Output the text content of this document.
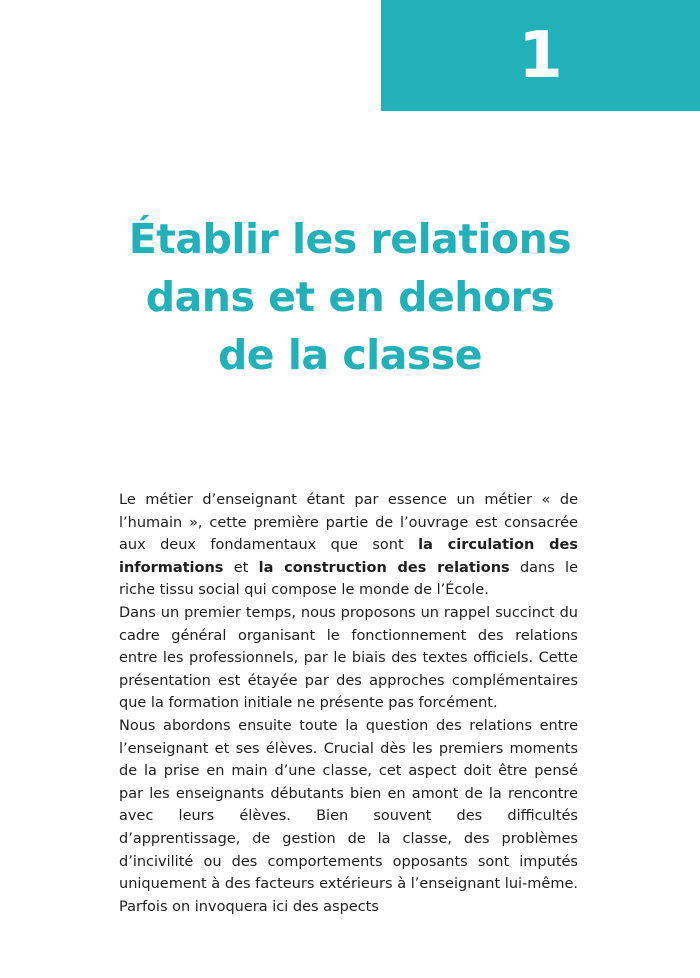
1
Établir les relations
dans et en dehors
de la classe

Le métier d’enseignant étant par essence un métier « de l’humain », cette première partie de l’ouvrage est consacrée aux deux fondamentaux que sont la circulation des informations et la construction des relations dans le riche tissu social qui compose le monde de l’École.

Dans un premier temps, nous proposons un rappel succinct du cadre général organisant le fonctionnement des relations entre les professionnels, par le biais des textes officiels. Cette présentation est étayée par des approches complémentaires que la formation initiale ne présente pas forcément.

Nous abordons ensuite toute la question des relations entre l’enseignant et ses élèves. Crucial dès les premiers moments de la prise en main d’une classe, cet aspect doit être pensé par les enseignants débutants bien en amont de la rencontre avec leurs élèves. Bien souvent des difficultés d’apprentissage, de gestion de la classe, des problèmes d’incivilité ou des comportements opposants sont imputés uniquement à des facteurs extérieurs à l’enseignant lui-même. Parfois on invoquera ici des aspects
